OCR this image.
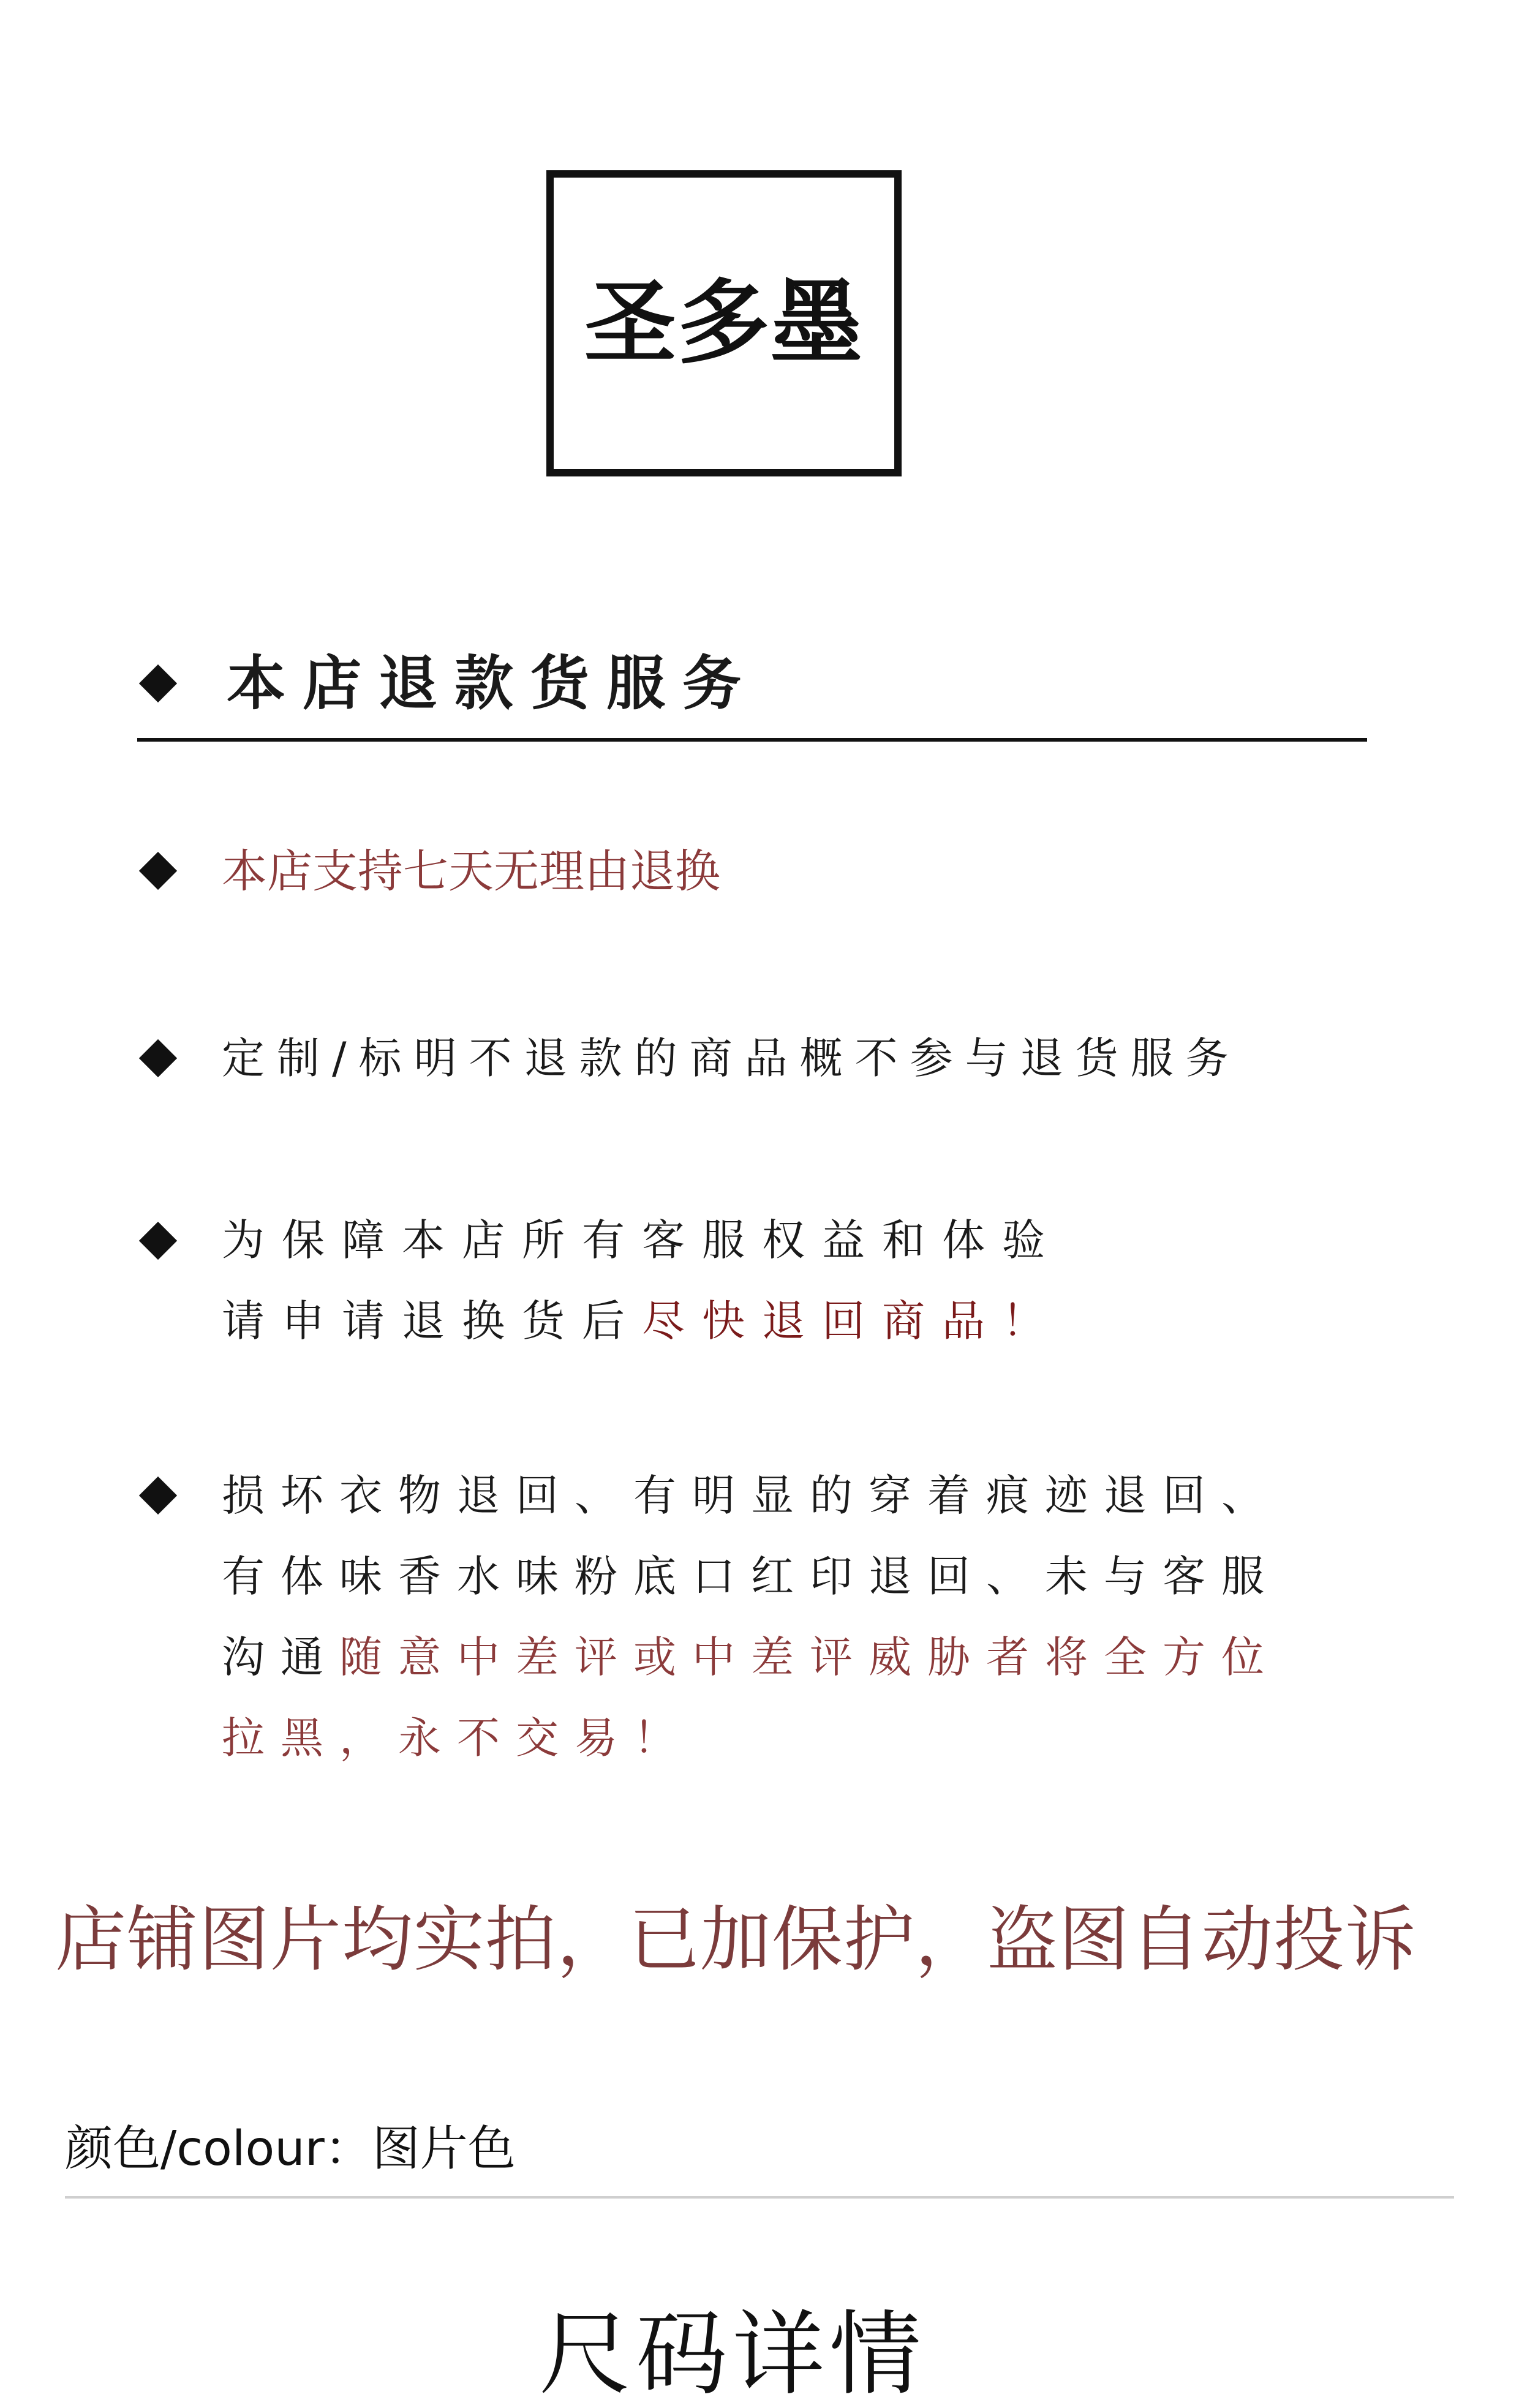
圣多墨
本店退款货服务
本店支持七天无理由退换
定制/标明不退款的商品概不参与退货服务
为保障本店所有客服权益和体验
请申请退换货后尽快退回商品！
损坏衣物退回、有明显的穿着痕迹退回、
有体味香水味粉底口红印退回、未与客服
沟通随意中差评或中差评威胁者将全方位
拉黑，永不交易！
店铺图片均实拍，已加保护，盗图自动投诉
颜色/colour：图片色
尺码详情
